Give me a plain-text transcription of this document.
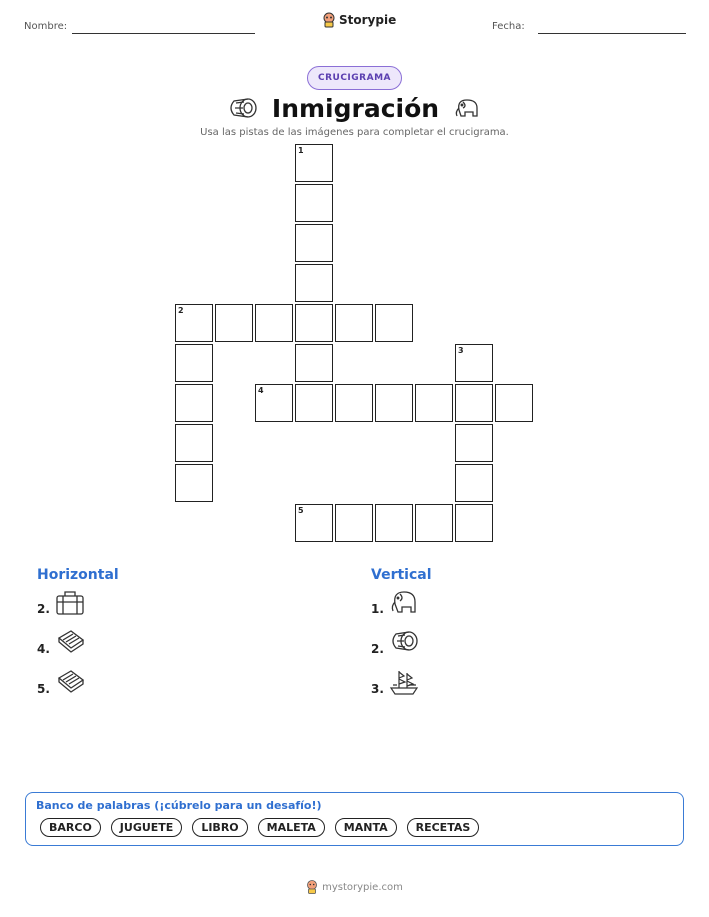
Nombre:	Storypie	Fecha:
CRUCIGRAMA
Inmigración
Usa las pistas de las imágenes para completar el crucigrama.
1
2
3
4
5
Horizontal	Vertical
2.
4.
5.
1.
2.
3.
Banco de palabras (¡cúbrelo para un desafío!)
BARCO	JUGUETE	LIBRO	MALETA	MANTA	RECETAS
mystorypie.com
